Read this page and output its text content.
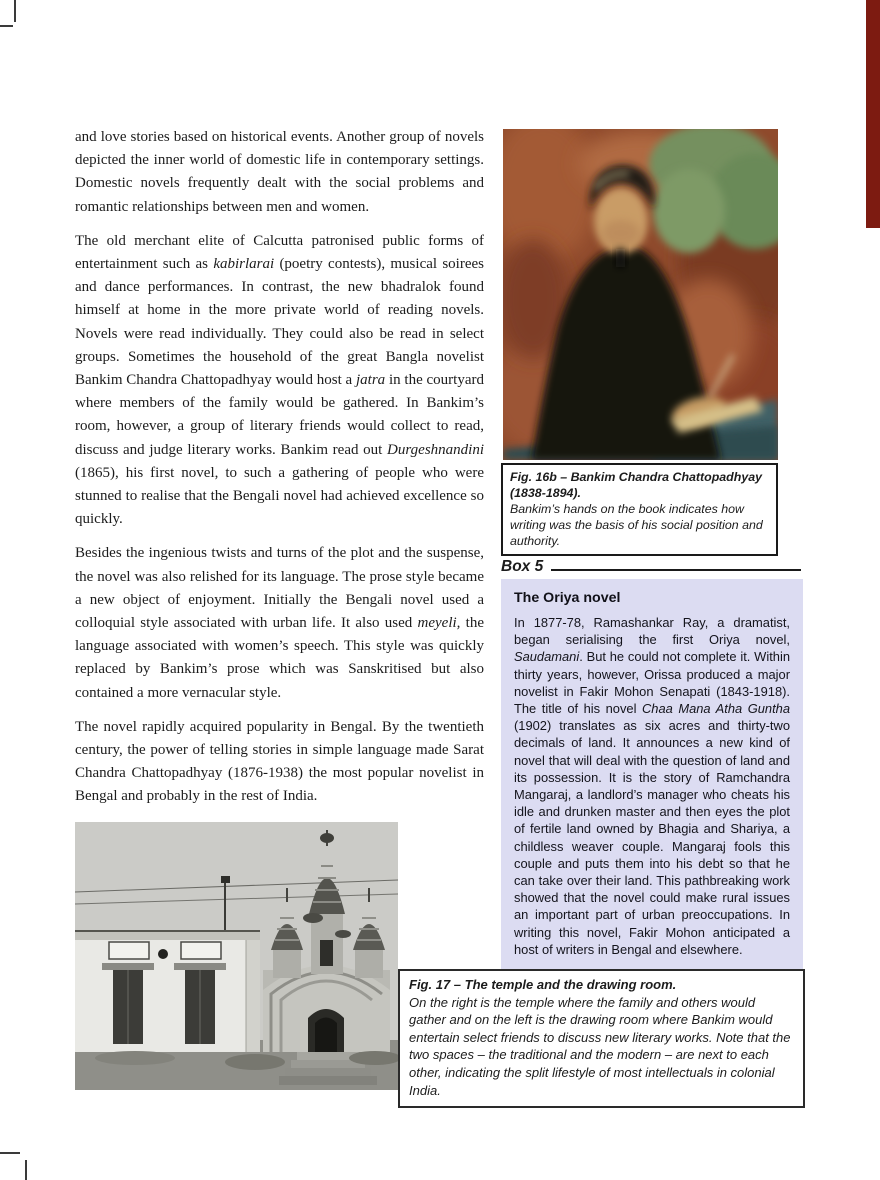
and love stories based on historical events. Another group of novels depicted the inner world of domestic life in contemporary settings. Domestic novels frequently dealt with the social problems and romantic relationships between men and women.

The old merchant elite of Calcutta patronised public forms of entertainment such as kabirlarai (poetry contests), musical soirees and dance performances. In contrast, the new bhadralok found himself at home in the more private world of reading novels. Novels were read individually. They could also be read in select groups. Sometimes the household of the great Bangla novelist Bankim Chandra Chattopadhyay would host a jatra in the courtyard where members of the family would be gathered. In Bankim’s room, however, a group of literary friends would collect to read, discuss and judge literary works. Bankim read out Durgeshnandini (1865), his first novel, to such a gathering of people who were stunned to realise that the Bengali novel had achieved excellence so quickly.

Besides the ingenious twists and turns of the plot and the suspense, the novel was also relished for its language. The prose style became a new object of enjoyment. Initially the Bengali novel used a colloquial style associated with urban life. It also used meyeli, the language associated with women’s speech. This style was quickly replaced by Bankim’s prose which was Sanskritised but also contained a more vernacular style.

The novel rapidly acquired popularity in Bengal. By the twentieth century, the power of telling stories in simple language made Sarat Chandra Chattopadhyay (1876-1938) the most popular novelist in Bengal and probably in the rest of India.

Fig. 16b – Bankim Chandra Chattopadhyay (1838-1894).
Bankim’s hands on the book indicates how writing was the basis of his social position and authority.
Box 5
The Oriya novel
In 1877-78, Ramashankar Ray, a dramatist, began serialising the first Oriya novel, Saudamani. But he could not complete it. Within thirty years, however, Orissa produced a major novelist in Fakir Mohon Senapati (1843-1918). The title of his novel Chaa Mana Atha Guntha (1902) translates as six acres and thirty-two decimals of land. It announces a new kind of novel that will deal with the question of land and its possession. It is the story of Ramchandra Mangaraj, a landlord’s manager who cheats his idle and drunken master and then eyes the plot of fertile land owned by Bhagia and Shariya, a childless weaver couple. Mangaraj fools this couple and puts them into his debt so that he can take over their land. This pathbreaking work showed that the novel could make rural issues an important part of urban preoccupations. In writing this novel, Fakir Mohon anticipated a host of writers in Bengal and elsewhere.
Fig. 17 – The temple and the drawing room.
On the right is the temple where the family and others would gather and on the left is the drawing room where Bankim would entertain select friends to discuss new literary works. Note that the two spaces – the traditional and the modern – are next to each other, indicating the split lifestyle of most intellectuals in colonial India.
